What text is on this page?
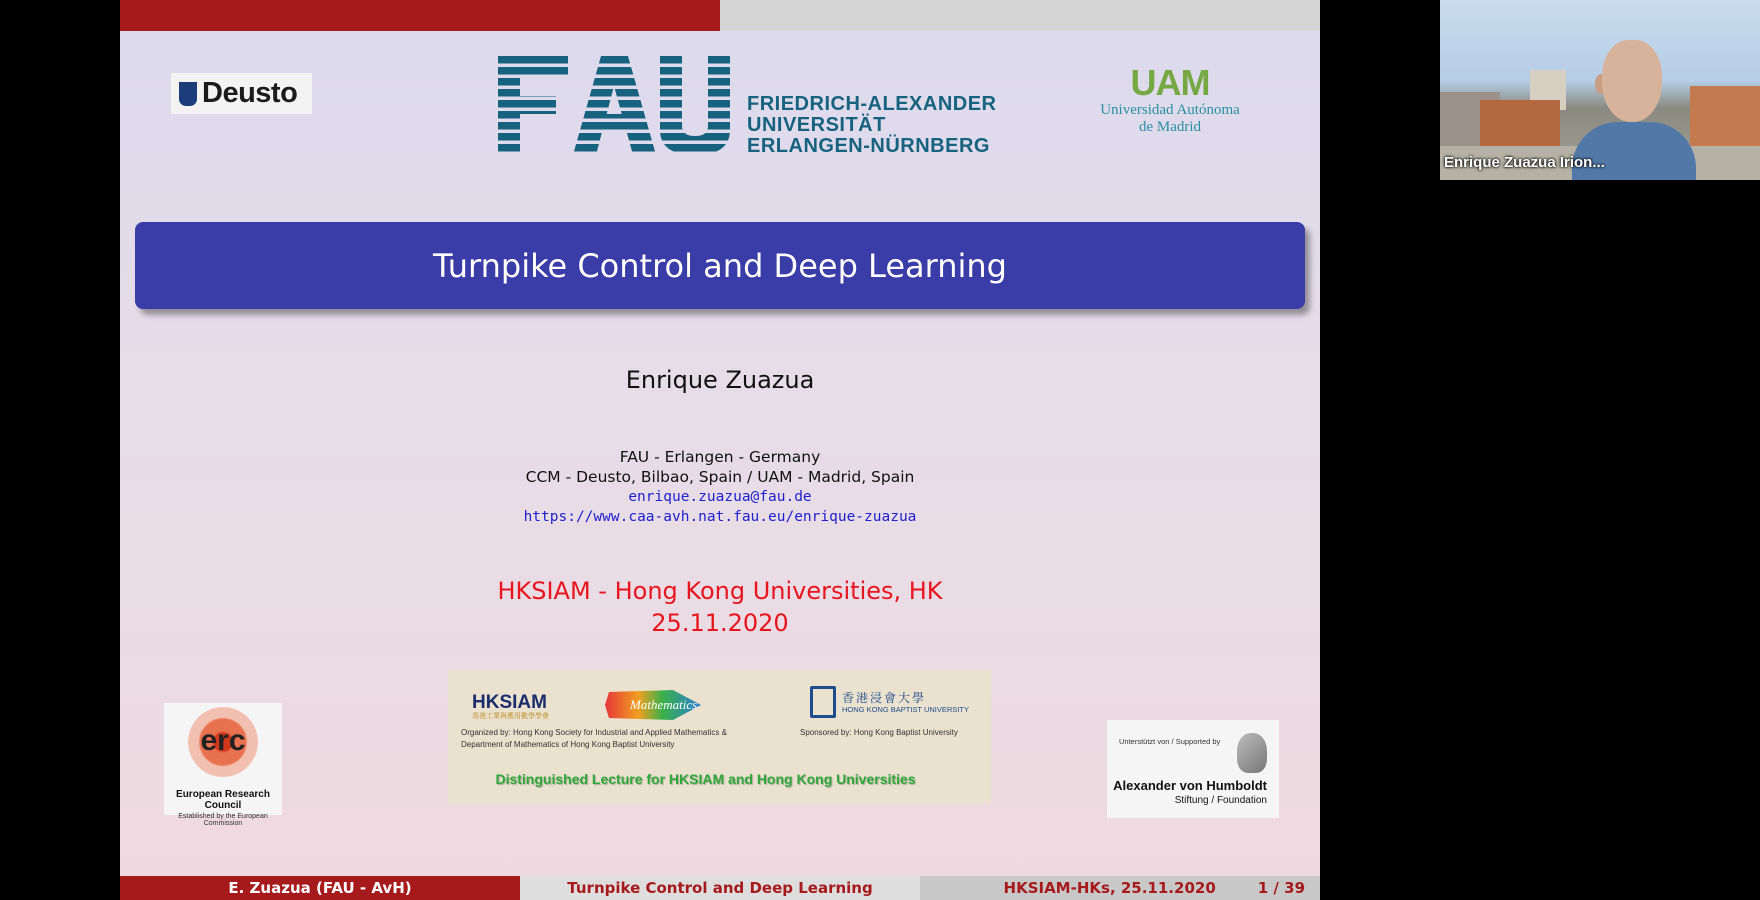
Deusto	FRIEDRICH-ALEXANDER
UNIVERSITÄT
ERLANGEN-NÜRNBERG
UAM
Universidad Autónoma
de Madrid
Turnpike Control and Deep Learning
Enrique Zuazua
FAU - Erlangen - Germany
CCM - Deusto, Bilbao, Spain / UAM - Madrid, Spain
enrique.zuazua@fau.de
https://www.caa-avh.nat.fau.eu/enrique-zuazua
HKSIAM - Hong Kong Universities, HK
25.11.2020
erc
European Research Council
Established by the European Commission
HKSIAM
香港工業與應用數學學會
Mathematics
Organized by: Hong Kong Society for Industrial and Applied Mathematics & Department of Mathematics of Hong Kong Baptist University
香港浸會大學
HONG KONG BAPTIST UNIVERSITY
Sponsored by: Hong Kong Baptist University
Distinguished Lecture for HKSIAM and Hong Kong Universities
Unterstützt von / Supported by
Alexander von Humboldt
Stiftung / Foundation
E. Zuazua (FAU - AvH)	Turnpike Control and Deep Learning	HKSIAM-HKs, 25.11.2020	1 / 39
Enrique Zuazua Irion...
